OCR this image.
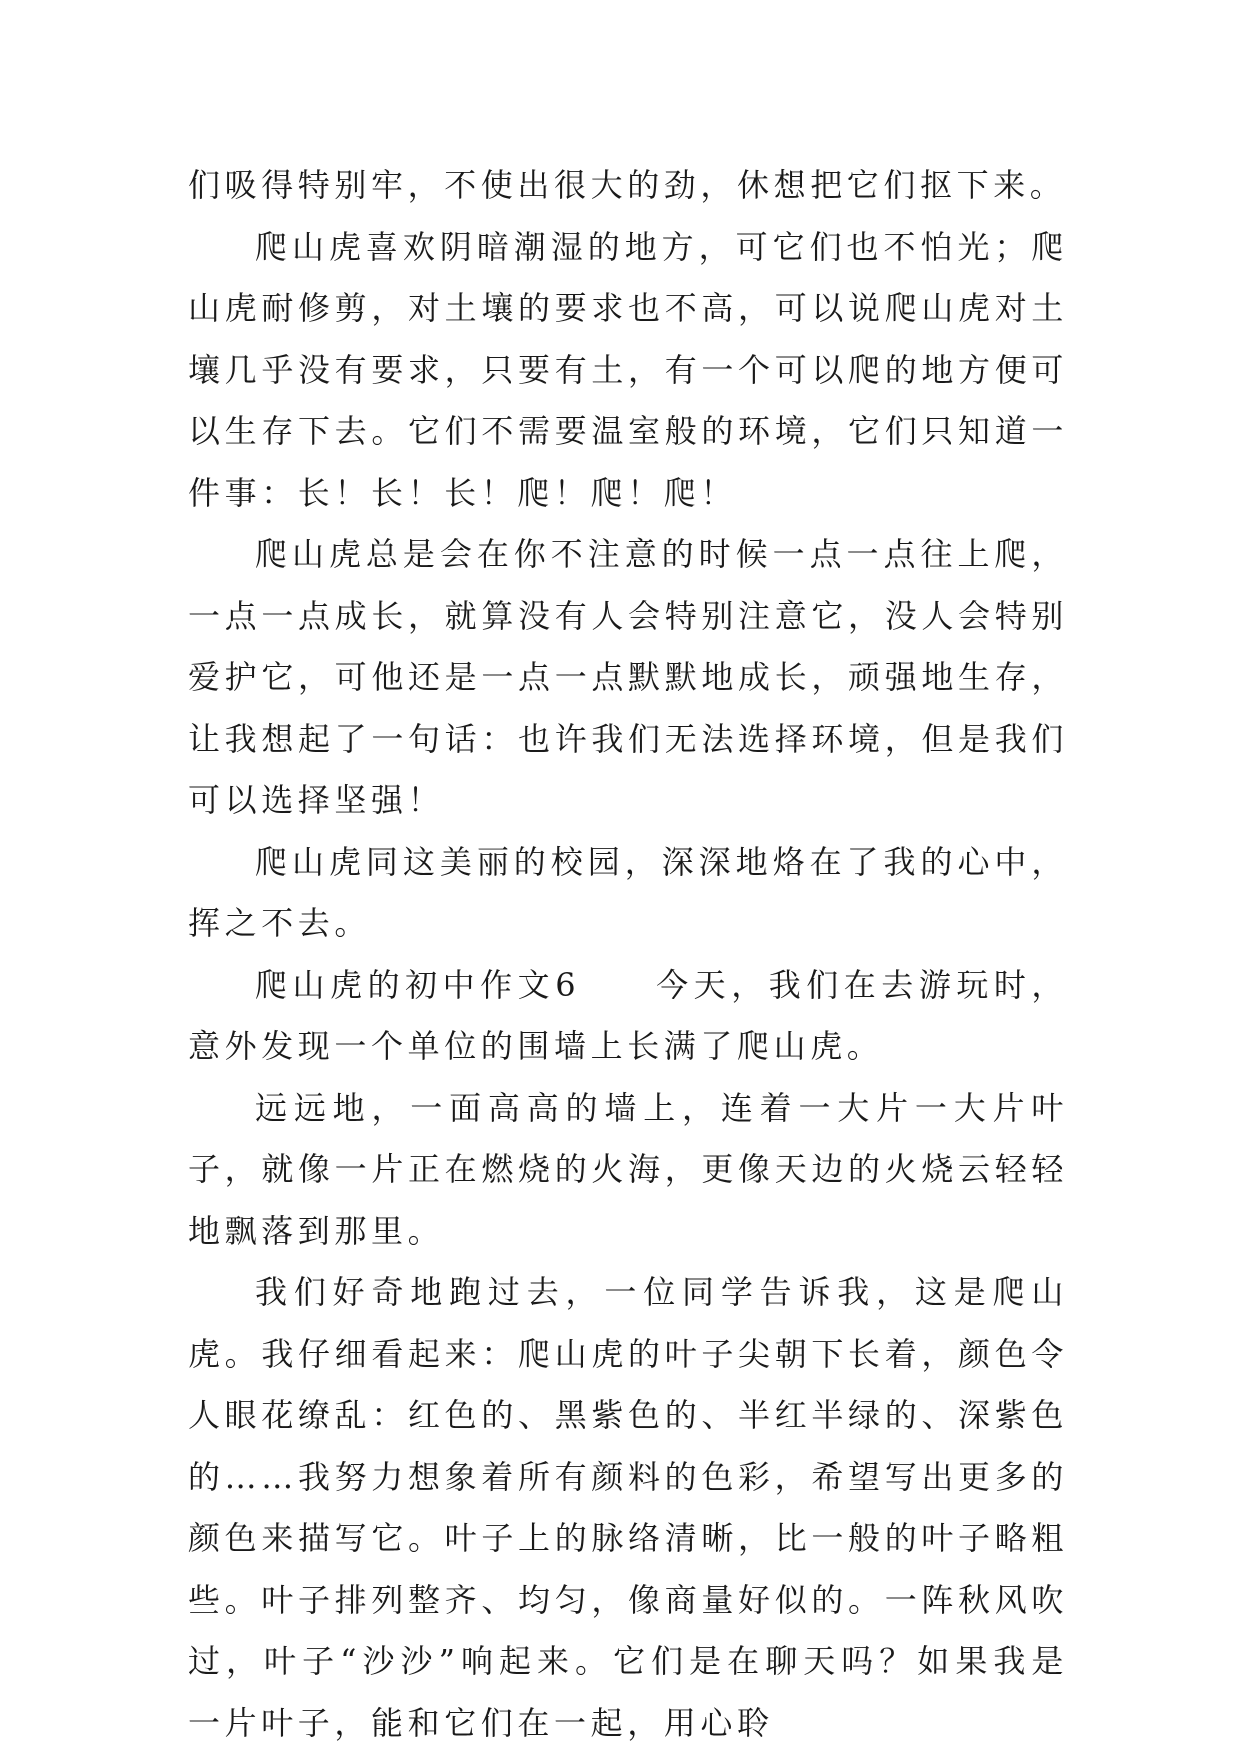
们吸得特别牢，不使出很大的劲，休想把它们抠下来。

爬山虎喜欢阴暗潮湿的地方，可它们也不怕光；爬山虎耐修剪，对土壤的要求也不高，可以说爬山虎对土壤几乎没有要求，只要有土，有一个可以爬的地方便可以生存下去。它们不需要温室般的环境，它们只知道一件事：长！长！长！爬！爬！爬！

爬山虎总是会在你不注意的时候一点一点往上爬，一点一点成长，就算没有人会特别注意它，没人会特别爱护它，可他还是一点一点默默地成长，顽强地生存，让我想起了一句话：也许我们无法选择环境，但是我们可以选择坚强！

爬山虎同这美丽的校园，深深地烙在了我的心中，挥之不去。

爬山虎的初中作文6　　今天，我们在去游玩时，意外发现一个单位的围墙上长满了爬山虎。

远远地，一面高高的墙上，连着一大片一大片叶子，就像一片正在燃烧的火海，更像天边的火烧云轻轻地飘落到那里。

我们好奇地跑过去，一位同学告诉我，这是爬山虎。我仔细看起来：爬山虎的叶子尖朝下长着，颜色令人眼花缭乱：红色的、黑紫色的、半红半绿的、深紫色的……我努力想象着所有颜料的色彩，希望写出更多的颜色来描写它。叶子上的脉络清晰，比一般的叶子略粗些。叶子排列整齐、均匀，像商量好似的。一阵秋风吹过，叶子“沙沙”响起来。它们是在聊天吗？如果我是一片叶子，能和它们在一起，用心聆
